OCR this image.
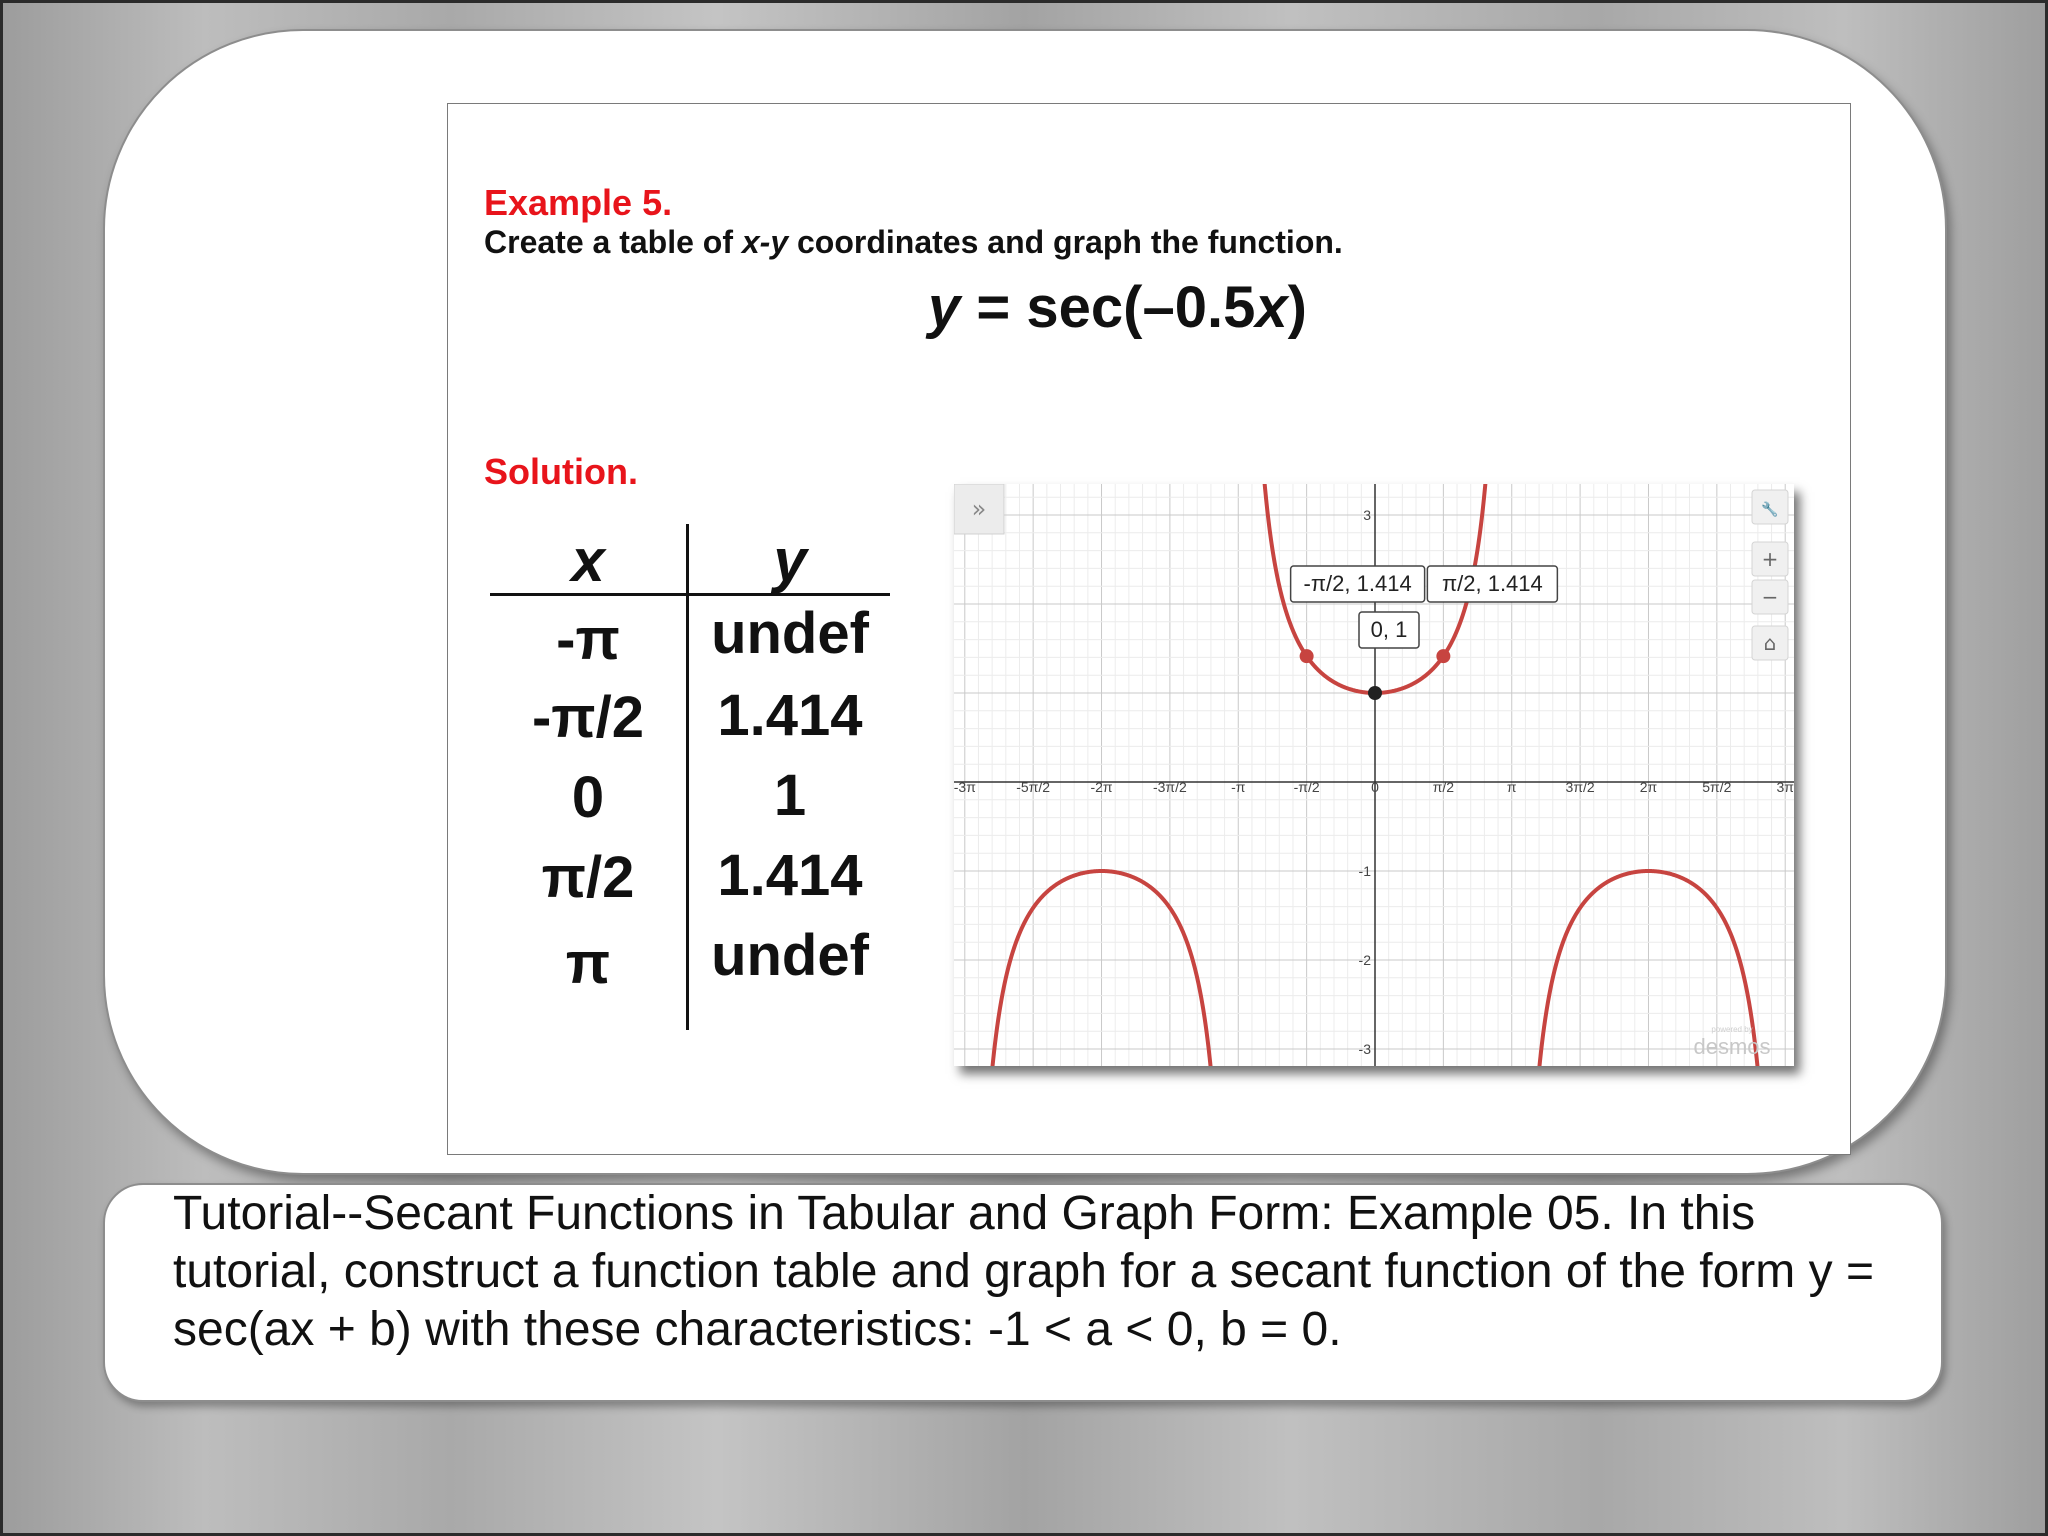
Example 5.
Create a table of x-y coordinates and graph the function.
y = sec(–0.5x)
Solution.
x	y
-π	undef
-π/2	1.414
0	1
π/2	1.414
π	undef
-3π	-5π/2	-2π	-3π/2	-π	-π/2	0	π/2	π	3π/2	2π	5π/2	3π
3
-1
-2
-3
-π/2, 1.414 π/2, 1.414
0, 1
»	🔧
+
−
⌂
desmos
powered by

Tutorial--Secant Functions in Tabular and Graph Form: Example 05. In this tutorial, construct a function table and graph for a secant function of the form y = sec(ax + b) with these characteristics: -1 < a < 0, b = 0.
